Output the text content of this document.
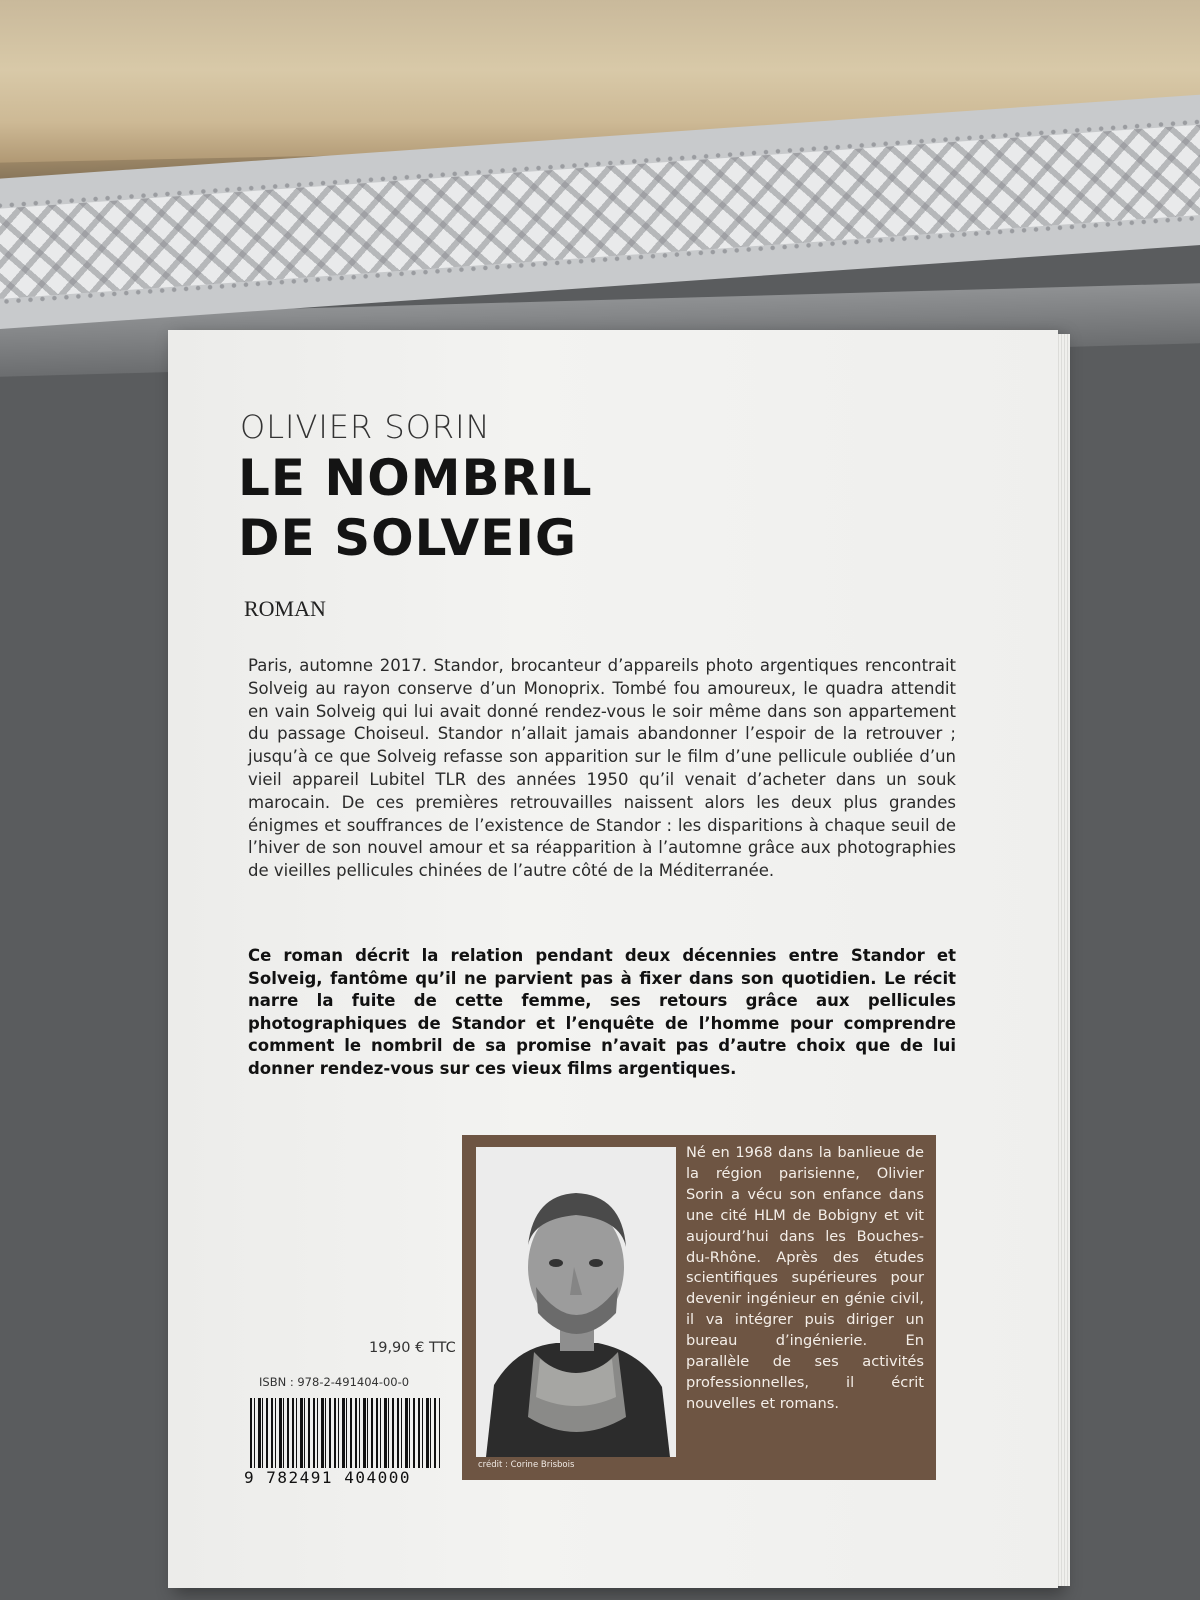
OLIVIER SORIN
LE NOMBRIL
DE SOLVEIG
ROMAN
Paris, automne 2017. Standor, brocanteur d’appareils photo argentiques rencontrait Solveig au rayon conserve d’un Monoprix. Tombé fou amoureux, le quadra attendit en vain Solveig qui lui avait donné rendez-vous le soir même dans son appartement du passage Choiseul. Standor n’allait jamais abandonner l’espoir de la retrouver ; jusqu’à ce que Solveig refasse son apparition sur le film d’une pellicule oubliée d’un vieil appareil Lubitel TLR des années 1950 qu’il venait d’acheter dans un souk marocain. De ces premières retrouvailles naissent alors les deux plus grandes énigmes et souffrances de l’existence de Standor : les disparitions à chaque seuil de l’hiver de son nouvel amour et sa réapparition à l’automne grâce aux photographies de vieilles pellicules chinées de l’autre côté de la Méditerranée.
Ce roman décrit la relation pendant deux décennies entre Standor et Solveig, fantôme qu’il ne parvient pas à fixer dans son quotidien. Le récit narre la fuite de cette femme, ses retours grâce aux pellicules photographiques de Standor et l’enquête de l’homme pour comprendre comment le nombril de sa promise n’avait pas d’autre choix que de lui donner rendez-vous sur ces vieux films argentiques.
crédit : Corine Brisbois
Né en 1968 dans la banlieue de la région parisienne, Olivier Sorin a vécu son enfance dans une cité HLM de Bobigny et vit aujourd’hui dans les Bouches-du-Rhône. Après des études scientifiques supérieures pour devenir ingénieur en génie civil, il va intégrer puis diriger un bureau d’ingénierie. En parallèle de ses activités professionnelles, il écrit nouvelles et romans.
19,90 € TTC
ISBN : 978-2-491404-00-0
9 782491 404000
